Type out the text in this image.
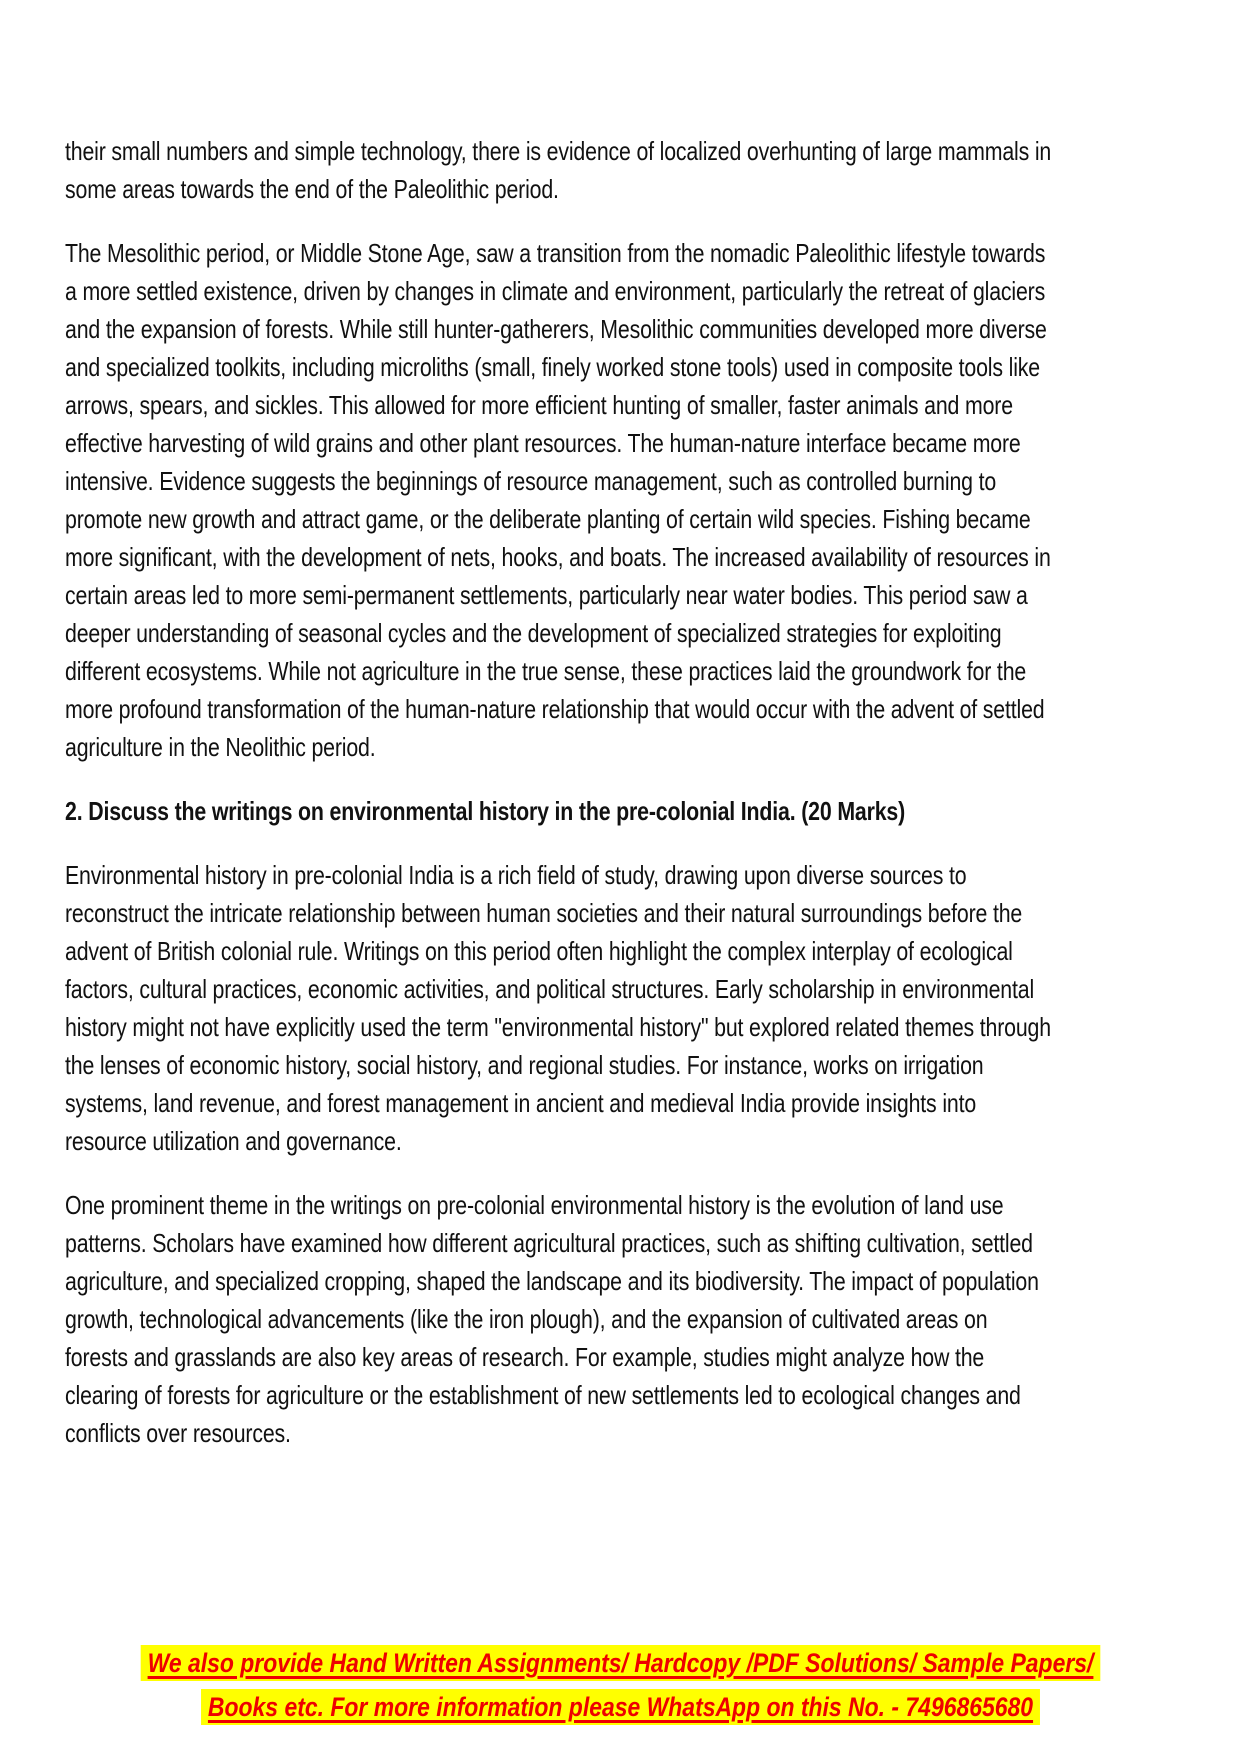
their small numbers and simple technology, there is evidence of localized overhunting of large mammals in some areas towards the end of the Paleolithic period.

The Mesolithic period, or Middle Stone Age, saw a transition from the nomadic Paleolithic lifestyle towards a more settled existence, driven by changes in climate and environment, particularly the retreat of glaciers and the expansion of forests. While still hunter-gatherers, Mesolithic communities developed more diverse and specialized toolkits, including microliths (small, finely worked stone tools) used in composite tools like arrows, spears, and sickles. This allowed for more efficient hunting of smaller, faster animals and more effective harvesting of wild grains and other plant resources. The human-nature interface became more intensive. Evidence suggests the beginnings of resource management, such as controlled burning to promote new growth and attract game, or the deliberate planting of certain wild species. Fishing became more significant, with the development of nets, hooks, and boats. The increased availability of resources in certain areas led to more semi-permanent settlements, particularly near water bodies. This period saw a deeper understanding of seasonal cycles and the development of specialized strategies for exploiting different ecosystems. While not agriculture in the true sense, these practices laid the groundwork for the more profound transformation of the human-nature relationship that would occur with the advent of settled agriculture in the Neolithic period.

2. Discuss the writings on environmental history in the pre-colonial India. (20 Marks)

Environmental history in pre-colonial India is a rich field of study, drawing upon diverse sources to reconstruct the intricate relationship between human societies and their natural surroundings before the advent of British colonial rule. Writings on this period often highlight the complex interplay of ecological factors, cultural practices, economic activities, and political structures. Early scholarship in environmental history might not have explicitly used the term "environmental history" but explored related themes through the lenses of economic history, social history, and regional studies. For instance, works on irrigation systems, land revenue, and forest management in ancient and medieval India provide insights into resource utilization and governance.

One prominent theme in the writings on pre-colonial environmental history is the evolution of land use patterns. Scholars have examined how different agricultural practices, such as shifting cultivation, settled agriculture, and specialized cropping, shaped the landscape and its biodiversity. The impact of population growth, technological advancements (like the iron plough), and the expansion of cultivated areas on forests and grasslands are also key areas of research. For example, studies might analyze how the clearing of forests for agriculture or the establishment of new settlements led to ecological changes and conflicts over resources.

We also provide Hand Written Assignments/ Hardcopy /PDF Solutions/ Sample Papers/
Books etc. For more information please WhatsApp on this No. - 7496865680
